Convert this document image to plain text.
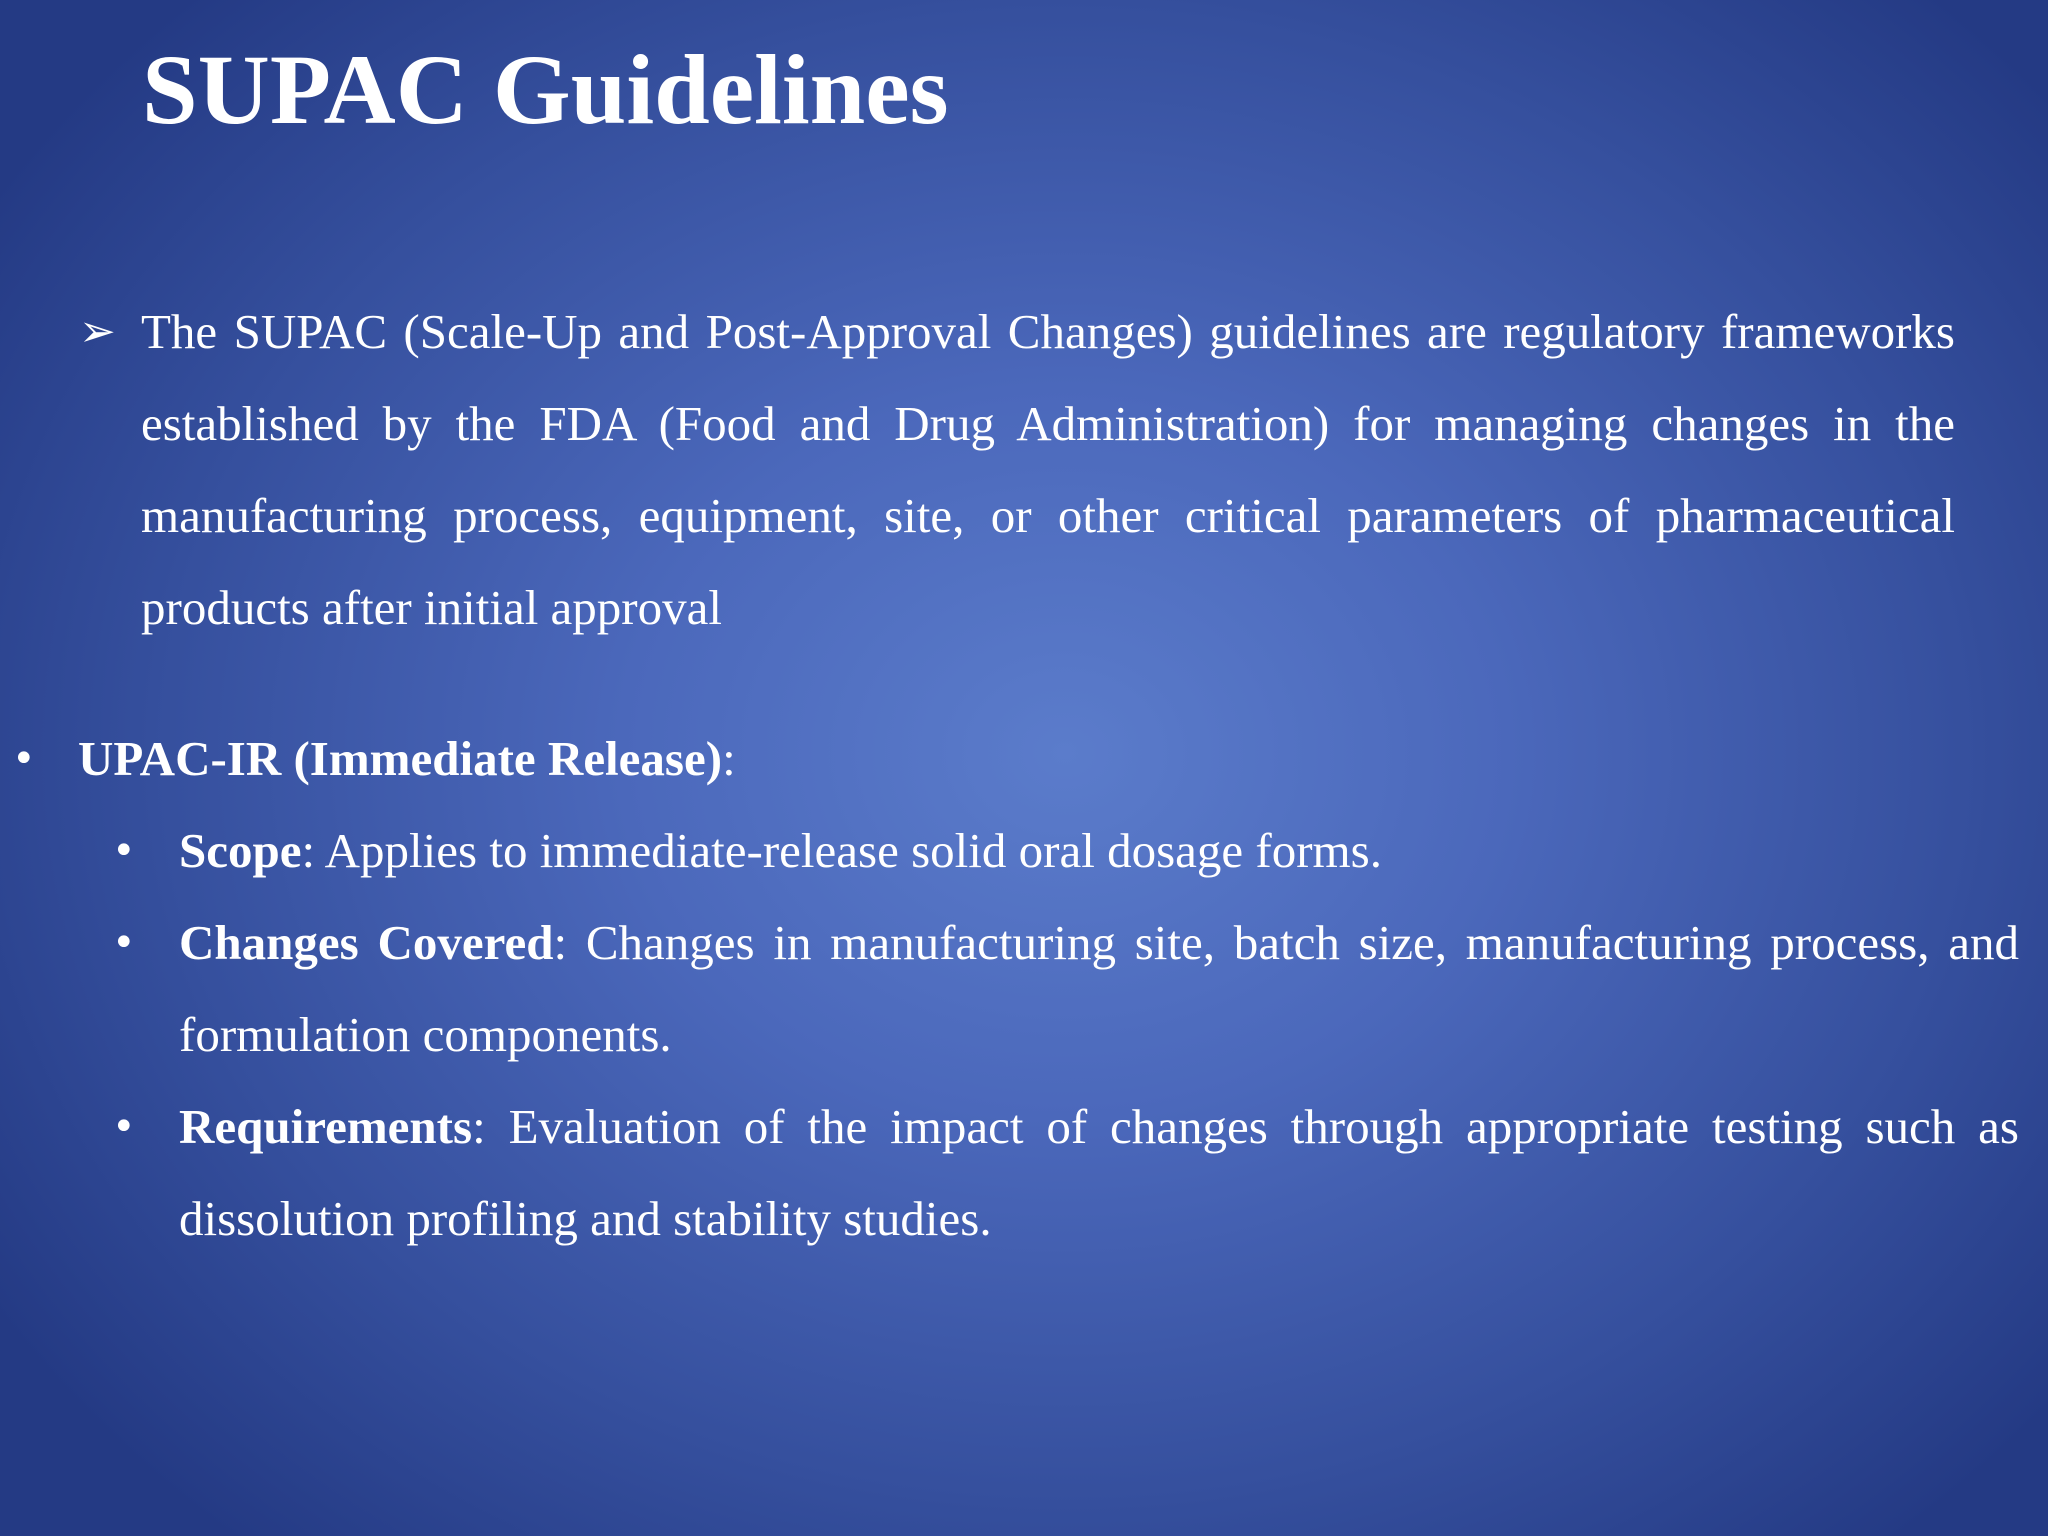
SUPAC Guidelines
➢ The SUPAC (Scale-Up and Post-Approval Changes) guidelines are regulatory frameworks established by the FDA (Food and Drug Administration) for managing changes in the manufacturing process, equipment, site, or other critical parameters of pharmaceutical products after initial approval

• UPAC-IR (Immediate Release):

• Scope: Applies to immediate-release solid oral dosage forms.

• Changes Covered: Changes in manufacturing site, batch size, manufacturing process, and formulation components.

• Requirements: Evaluation of the impact of changes through appropriate testing such as dissolution profiling and stability studies.
